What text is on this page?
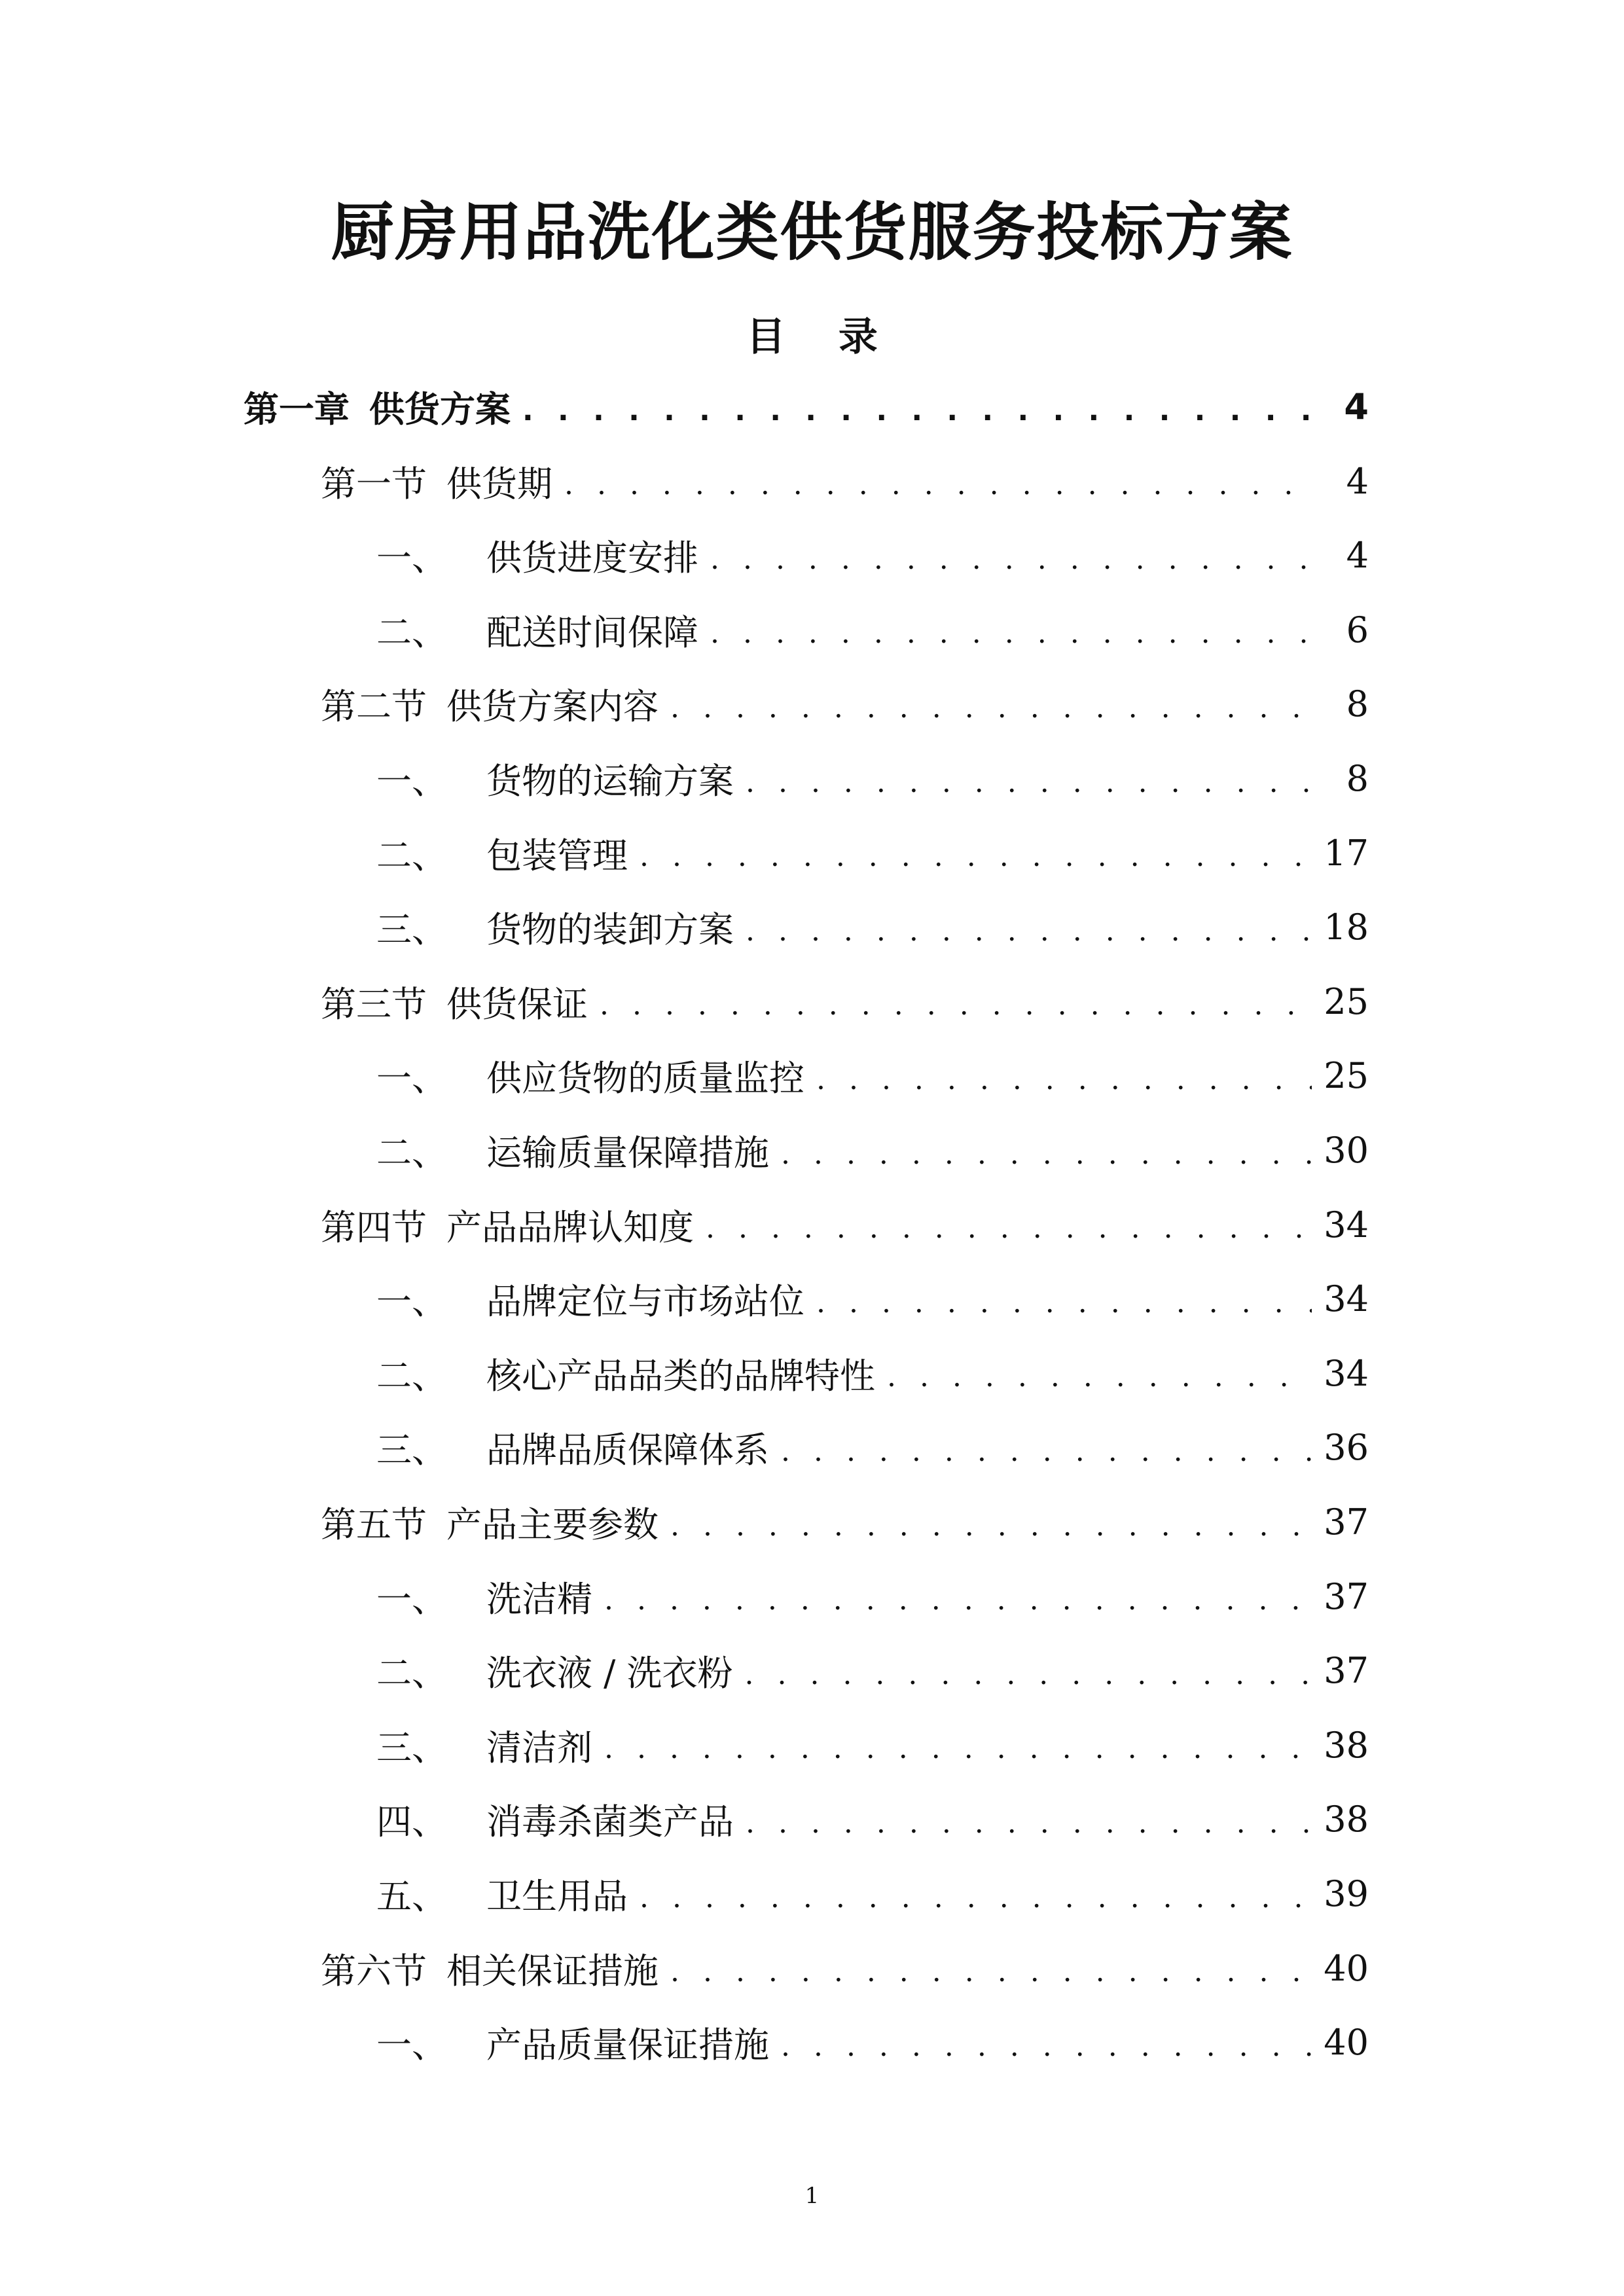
厨房用品洗化类供货服务投标方案
目 录
第一章 供货方案 . . .	4
第一节 供货期 . . .	4
一、 供货进度安排 . . .	4
二、 配送时间保障 . . .	6
第二节 供货方案内容 . . .	8
一、 货物的运输方案 . . .	8
二、 包装管理 . . .	17
三、 货物的装卸方案 . . .	18
第三节 供货保证 . . .	25
一、 供应货物的质量监控 . . .	25
二、 运输质量保障措施 . . .	30
第四节 产品品牌认知度 . . .	34
一、 品牌定位与市场站位 . . .	34
二、 核心产品品类的品牌特性 . . .	34
三、 品牌品质保障体系 . . .	36
第五节 产品主要参数 . . .	37
一、 洗洁精 . . .	37
二、 洗衣液 / 洗衣粉 . . .	37
三、 清洁剂 . . .	38
四、 消毒杀菌类产品 . . .	38
五、 卫生用品 . . .	39
第六节 相关保证措施 . . .	40
一、 产品质量保证措施 . . .	40
1
